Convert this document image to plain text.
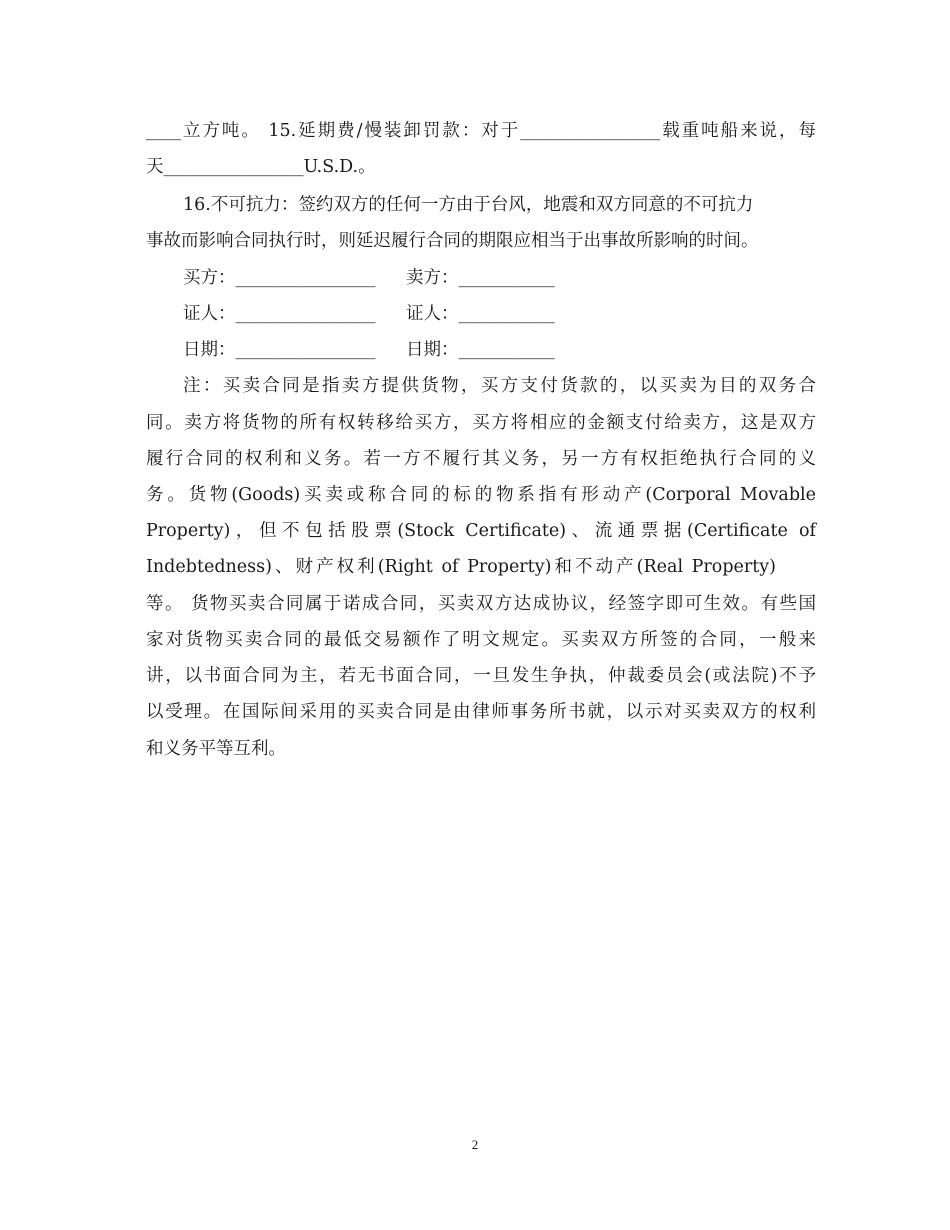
____立方吨。 15.延期费/慢装卸罚款：对于________________载重吨船来说，每
天________________U.S.D.。
16.不可抗力：签约双方的任何一方由于台风，地震和双方同意的不可抗力
事故而影响合同执行时，则延迟履行合同的期限应相当于出事故所影响的时间。
买方：________________ 卖方：___________
证人：________________ 证人：___________
日期：________________ 日期：___________
注：买卖合同是指卖方提供货物，买方支付货款的，以买卖为目的双务合
同。卖方将货物的所有权转移给买方，买方将相应的金额支付给卖方，这是双方
履行合同的权利和义务。若一方不履行其义务，另一方有权拒绝执行合同的义
务。货物(Goods)买卖或称合同的标的物系指有形动产(Corporal Movable
Property)，但不包括股票(Stock Certificate)、流通票据(Certificate of
Indebtedness)、财产权利(Right of Property)和不动产(Real Property)
等。 货物买卖合同属于诺成合同，买卖双方达成协议，经签字即可生效。有些国
家对货物买卖合同的最低交易额作了明文规定。买卖双方所签的合同，一般来
讲，以书面合同为主，若无书面合同，一旦发生争执，仲裁委员会(或法院)不予
以受理。在国际间采用的买卖合同是由律师事务所书就，以示对买卖双方的权利
和义务平等互利。
2
